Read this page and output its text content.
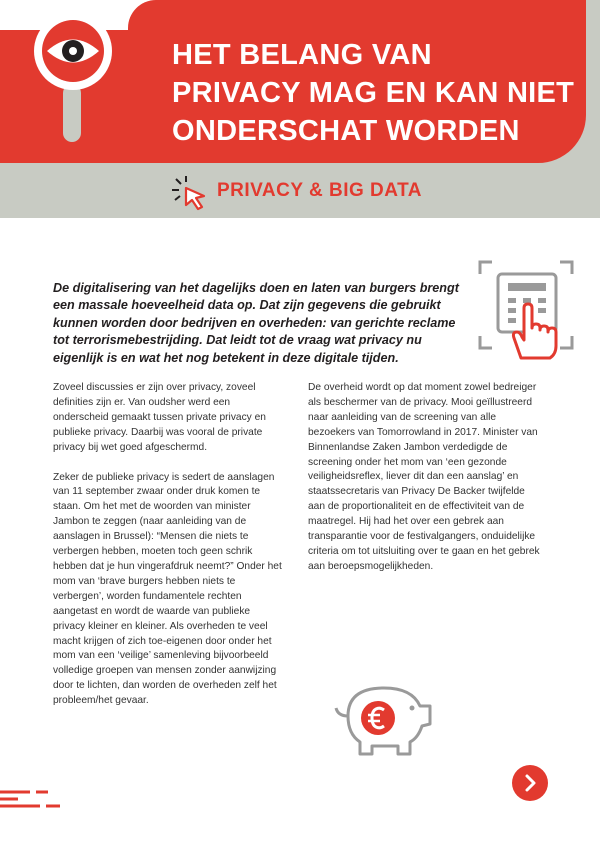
HET BELANG VAN
PRIVACY MAG EN KAN NIET
ONDERSCHAT WORDEN
PRIVACY & BIG DATA
De digitalisering van het dagelijks doen en laten van burgers brengt een massale hoeveelheid data op. Dat zijn gegevens die gebruikt kunnen worden door bedrijven en overheden: van gerichte reclame tot terrorismebestrijding. Dat leidt tot de vraag wat privacy nu eigenlijk is en wat het nog betekent in deze digitale tijden.

Zoveel discussies er zijn over privacy, zoveel definities zijn er. Van oudsher werd een onderscheid gemaakt tussen private privacy en publieke privacy. Daarbij was vooral de private privacy bij wet goed afgeschermd.

Zeker de publieke privacy is sedert de aanslagen van 11 september zwaar onder druk komen te staan. Om het met de woorden van minister Jambon te zeggen (naar aanleiding van de aanslagen in Brussel): “Mensen die niets te verbergen hebben, moeten toch geen schrik hebben dat je hun vingerafdruk neemt?” Onder het mom van ‘brave burgers hebben niets te verbergen’, worden fundamentele rechten aangetast en wordt de waarde van publieke privacy kleiner en kleiner. Als overheden te veel macht krijgen of zich toe-eigenen door onder het mom van een ‘veilige’ samenleving bijvoorbeeld volledige groepen van mensen zonder aanwijzing door te lichten, dan worden de overheden zelf het probleem/het gevaar.

De overheid wordt op dat moment zowel bedreiger als beschermer van de privacy. Mooi geïllustreerd naar aanleiding van de screening van alle bezoekers van Tomorrowland in 2017. Minister van Binnenlandse Zaken Jambon verdedigde de screening onder het mom van ‘een gezonde veiligheidsreflex, liever dit dan een aanslag’ en staatssecretaris van Privacy De Backer twijfelde aan de proportionaliteit en de effectiviteit van de maatregel. Hij had het over een gebrek aan transparantie voor de festivalgangers, onduidelijke criteria om tot uitsluiting over te gaan en het gebrek aan beroepsmogelijkheden.
